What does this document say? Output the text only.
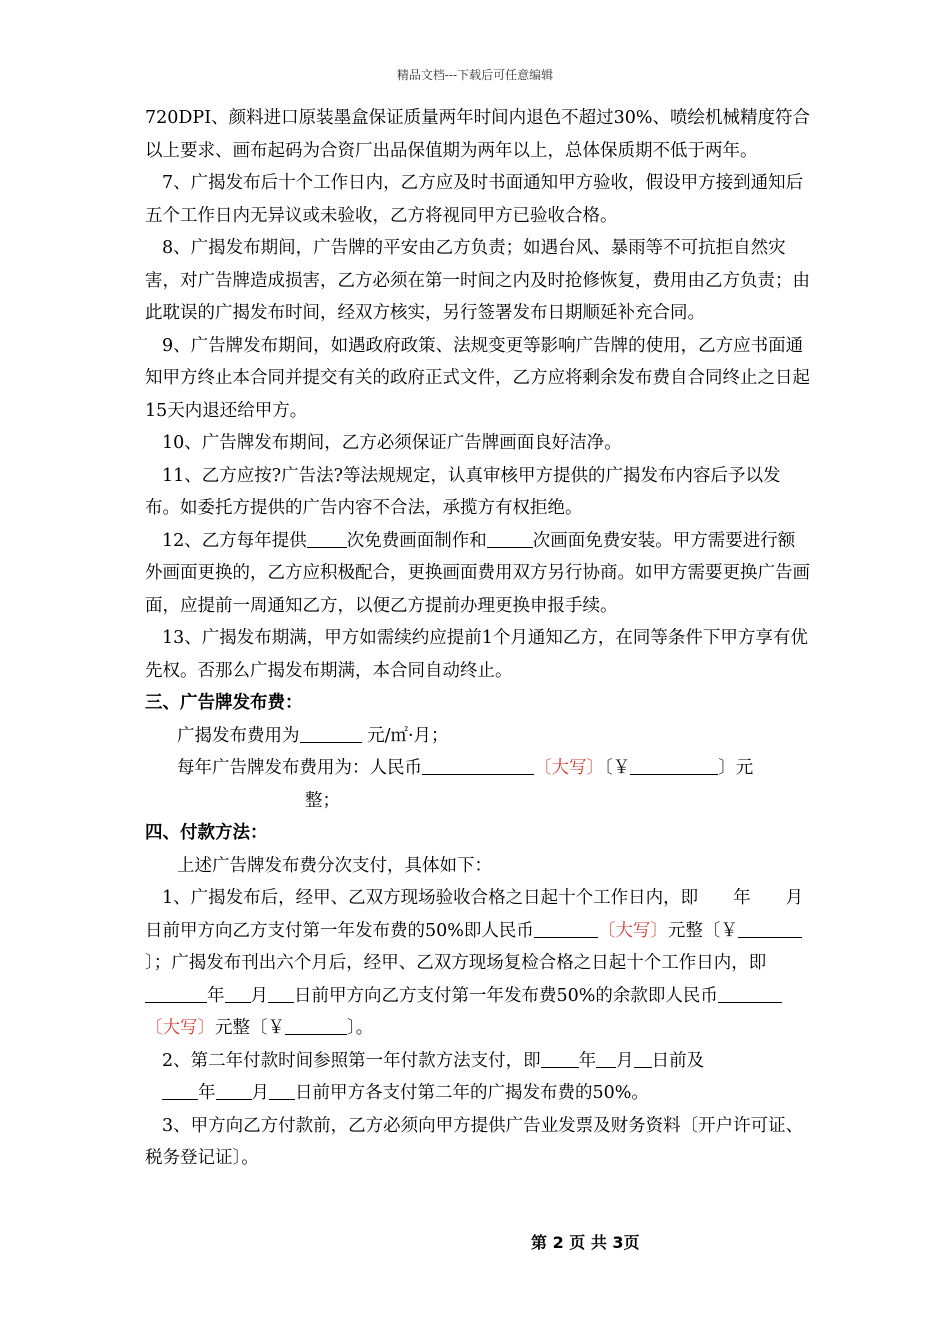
精品文档---下载后可任意编辑

720DPI、颜料进口原装墨盒保证质量两年时间内退色不超过30%、喷绘机械精度符合以上要求、画布起码为合资厂出品保值期为两年以上，总体保质期不低于两年。

7、广揭发布后十个工作日内，乙方应及时书面通知甲方验收，假设甲方接到通知后五个工作日内无异议或未验收，乙方将视同甲方已验收合格。

8、广揭发布期间，广告牌的平安由乙方负责；如遇台风、暴雨等不可抗拒自然灾害，对广告牌造成损害，乙方必须在第一时间之内及时抢修恢复，费用由乙方负责；由此耽误的广揭发布时间，经双方核实，另行签署发布日期顺延补充合同。

9、广告牌发布期间，如遇政府政策、法规变更等影响广告牌的使用，乙方应书面通知甲方终止本合同并提交有关的政府正式文件，乙方应将剩余发布费自合同终止之日起15天内退还给甲方。

10、广告牌发布期间，乙方必须保证广告牌画面良好洁净。

11、乙方应按?广告法?等法规规定，认真审核甲方提供的广揭发布内容后予以发布。如委托方提供的广告内容不合法，承揽方有权拒绝。

12、乙方每年提供 次免费画面制作和	次画面免费安装。甲方需要进行额外画面更换的，乙方应积极配合，更换画面费用双方另行协商。如甲方需要更换广告画面，应提前一周通知乙方，以便乙方提前办理更换申报手续。

13、广揭发布期满，甲方如需续约应提前1个月通知乙方，在同等条件下甲方享有优先权。否那么广揭发布期满，本合同自动终止。

三、广告牌发布费：

广揭发布费用为	元/㎡·月；

每年广告牌发布费用为：人民币	〔大写〕〔￥	〕元

整；

四、付款方法：

上述广告牌发布费分次支付，具体如下：

1、广揭发布后，经甲、乙双方现场验收合格之日起十个工作日内，即　　年　　月　　日前甲方向乙方支付第一年发布费的50%即人民币	〔大写〕元整〔￥〕；广揭发布刊出六个月后，经甲、乙双方现场复检合格之日起十个工作日内，即年 月 日前甲方向乙方支付第一年发布费50%的余款即人民币〔大写〕元整〔￥	〕。

2、第二年付款时间参照第一年付款方法支付，即 年 月 日前及
年 月 日前甲方各支付第二年的广揭发布费的50%。

3、甲方向乙方付款前，乙方必须向甲方提供广告业发票及财务资料〔开户许可证、税务登记证〕。

第 2 页 共 3页
